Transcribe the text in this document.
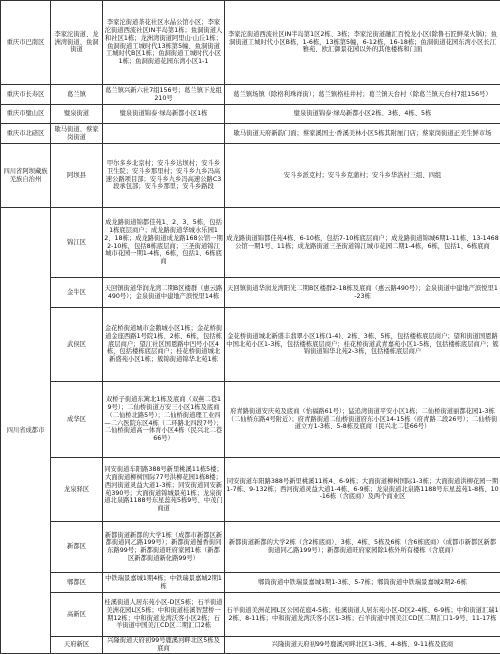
重庆市巴南区	李家沱街道、龙洲湾街道、鱼洞街道	李家沱街道茶花社区水晶公馆小区；李家沱街道西流社区IN半岛第1栋；鱼洞街道人和社区1栋；龙洲湾街道阿里山·山丘1栋；鱼洞街道工城时代13栋第5幢、鱼洞街道工城时代B区1栋；鱼洞街道工城时代小区1栋；鱼洞街道花园东湾小区1-1	李家沱街道西流社区IN半岛第1区2栋、3栋；李家沱街道融汇百悦龙小区(除鲁石匠鲜菜火锅)；鱼洞街道工城时代小区B栋，1-6栋，13栋第5幢，6-12栋，16-18栋；鱼洞街道花园东湾小区长江雅苑、欧汇御景花园以外的其他楼栋和门面
重庆市长寿区	葛兰镇	葛兰镇兴新六社7组156号；葛兰镇下龙组210号	葛兰镇场镇（除格利珠祥街）；葛兰镇格桂井村；葛兰镇天台村（除葛兰镇天台村7组156号）
重庆市璧山区	璧泉街道	璧泉街道锦泰·绿岛新都小区1栋	璧泉街道锦泰·绿岛新都小区2栋、3栋、4栋、5栋
重庆市北碚区	歇马街道、蔡家岗街道		歇马街道天府新韵门面；蔡家溪国土·香溪美林小区5栋其附厘门店；蔡家岗街道正美生鲜市场
四川省阿坝藏族羌族自治州	阿坝县	甲尔多乡北京村；安斗乡达坝村；安斗乡卫生院；安斗乡那里村；安斗乡九乡冯高速公路项目部；安斗乡九乡冯高速公路C3段承包部；安斗乡那里；安斗乡路段	安斗乡派克村；安斗乡克蒲村；安斗乡华洛村三组、四组
四川省成都市	锦江区	成龙路街道锦都佳苑1、2、3、5栋，包括1栋底层商户；成龙路街道华城水乐园12、18栋；成龙路街道成龙路168公馆一期2-10栋，包括8栋底层商；三圣街道锦江城市花园一期1-4栋，6栋，包括1、6栋底商	成龙路街道锦都佳苑4栋、6-10栋，包括7-10栋底层商户；成龙路街道锦城6期1-11栋、13-1468公馆一期1号、11栋；成龙路街道三圣街道锦江城市花园二期1-4栋，6栋，包括1、6栋底商
	金牛区	天回镇街道华润龙湾二期B区楼群（惠云路490号）；金泉街道中建地产滨悦里14栋	天回镇街道华润龙湾阳光二期B区楼群2-18栋及底商（惠云路490号）；金泉街道中建地产滨悦里1-23栋
	武侯区	金花桥街道城市金鹅城小区1栋；金花桥街道金座西路1号院1栋、2栋、6栋，包括栋底层商户；望江社区国恩路中凹号小区4栋，包括楼栋底层商户；桂花桥街道城北新盛苑小区1栋；簇锦街道锦华北苑1栋	金花桥街道城北新盛丰翡翠小区1栋(1-4)、2栋、3栋、5栋，包括楼栋底层商户；望和街道国恩路中国北苑小区1-3栋，包括楼栋底层商户；桂花桥街道武青嘉苑小区1-5栋，包括楼栋底层商户；簇锦街道锦华北苑2-3栋，包括楼栋底层商户
	成华区	双桥子街道东篱北1栋及底商（双燕二巷19号）；二仙桥街道万安三小区1栋及底商（二仙桥北路5号）；二仙桥街道理工业四—二六医院东区4栋（二环路北四段7号）；二仙桥街道高一体育小区4栋（民兴北二巷66号）	府青路街道安庆苑及底商（怡福路61号）；猛追湾街道平安小区1栋；二仙桥街道丽都花园1-3栋（二仙桥东路4号附近）；府青路街道二仙桥街道府东小区14-15栋（府青路二段26号）；二仙桥街道立方1-3栋、5-8栋及底商（民兴北二巷66号）
	龙泉驿区	同安街道车阳路388号新里桃溪11栋5楼；大面街道柳树国际77号洪柳花园1栋8楼；西河街道灵益大道1-3栋；同安街道同安新苑390号；大面街道锦城景苑1栋；龙泉街道北泉路1188号东星蕊苑5栋9号、中茂门商道	同安街道车阳路388号新里桃溪11栋4、6-9栋；大面街道柳树国际1-3栋；大面街道洪柳花园一期1-7栋、9-132栋；西河街道灵益大道1-4栋、6-9栋；龙泉街道北泉路1188号东星蕊苑1-8栋、10-16栋（含底商）及两个商业区
	新都区	新都街道新都的大学1栋（成都市新都区新都街道同乙路199号）；新都街道蜀香街同东路99号；新都街道旺府家园1栋（新都区新都街道新化路99号）	新都街道新都的大学2栋（含2栋底商）、3栋、4栋、5栋及6栋（含6栋底商）（成都市新都区新都街道同乙路199号）；新都街道旺府家园除1栋外所有楼栋（含底商）
	郫都区	中铁瑞景嘉城1期4栋；中铁瑞景嘉城2期1栋	郫筒街道中铁瑞景嘉城1期1-3栋、5-7栋；郫筒街道中铁瑞景嘉城2期2-6栋
	高新区	桂溪街道人居东苑小区-D区5栋；石羊街道美洲花园L区5栋；中和街道桂溪智慧桥一期12栋；中和街道龙湾沃客小区2栋；石羊街道中国美江CD区二期汇口2栋	石羊街道美洲花园L区公园花庭4-5栋；桂溪街道人居东苑小区-D区2-4栋、6-9栋；中和街道汇瑞12栋、8-11栋；中和街道龙湾沃客小区1-3栋；石羊街道中国美江CD区二期汇口1-9号、11-17栋
	天府新区	兴隆街道天府初99号鹿溪河畔北区5栋及底商	兴隆街道天府初99号鹿溪河畔北区1-3栋、4-8栋、9-11栋及底商
